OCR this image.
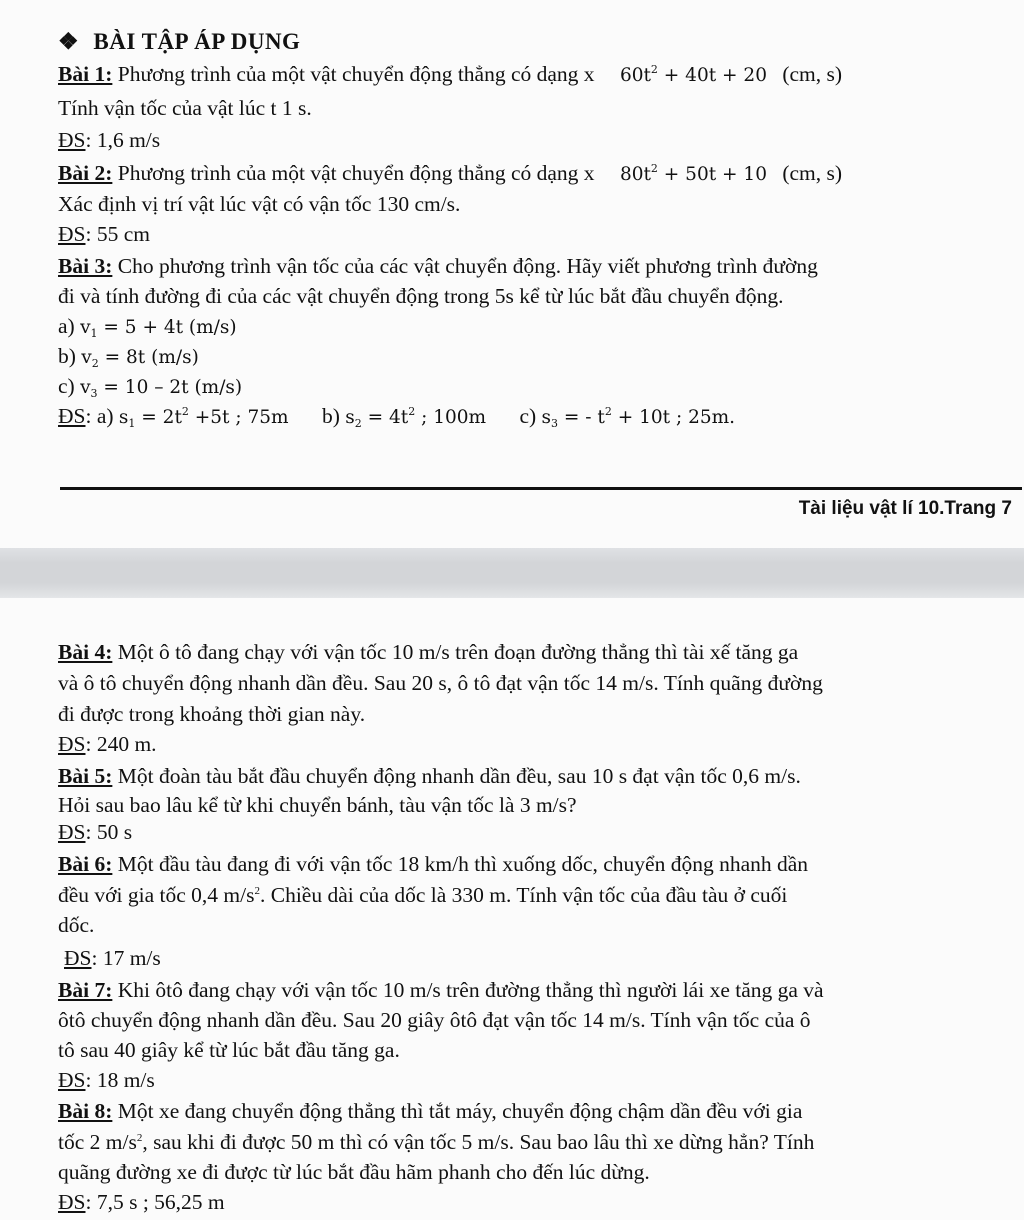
❖ BÀI TẬP ÁP DỤNG
Bài 1: Phương trình của một vật chuyển động thẳng có dạng x $60t^2 + 40t + 20$ (cm, s)
Tính vận tốc của vật lúc t 1 s.
ĐS: 1,6 m/s
Bài 2: Phương trình của một vật chuyển động thẳng có dạng x $80t^2 + 50t + 10$ (cm, s)
Xác định vị trí vật lúc vật có vận tốc 130 cm/s.
ĐS: 55 cm
Bài 3: Cho phương trình vận tốc của các vật chuyển động. Hãy viết phương trình đường
đi và tính đường đi của các vật chuyển động trong 5s kể từ lúc bắt đầu chuyển động.
a) $v_1 = 5 + 4t$ (m/s)
b) $v_2 = 8t$ (m/s)
c) $v_3 = 10 - 2t$ (m/s)
ĐS: a) $s_1 = 2t^2 +5t$ ; 75m b) $s_2 = 4t^2$ ; 100m c) $s_3$ = - $t^2 + 10t$ ; 25m.
Tài liệu vật lí 10.Trang 7
Bài 4: Một ô tô đang chạy với vận tốc 10 m/s trên đoạn đường thẳng thì tài xế tăng ga
và ô tô chuyển động nhanh dần đều. Sau 20 s, ô tô đạt vận tốc 14 m/s. Tính quãng đường
đi được trong khoảng thời gian này.
ĐS: 240 m.
Bài 5: Một đoàn tàu bắt đầu chuyển động nhanh dần đều, sau 10 s đạt vận tốc 0,6 m/s.
Hỏi sau bao lâu kể từ khi chuyển bánh, tàu vận tốc là 3 m/s?
ĐS: 50 s
Bài 6: Một đầu tàu đang đi với vận tốc 18 km/h thì xuống dốc, chuyển động nhanh dần
đều với gia tốc 0,4 $m/s^2$. Chiều dài của dốc là 330 m. Tính vận tốc của đầu tàu ở cuối
dốc.
ĐS: 17 m/s
Bài 7: Khi ôtô đang chạy với vận tốc 10 m/s trên đường thẳng thì người lái xe tăng ga và
ôtô chuyển động nhanh dần đều. Sau 20 giây ôtô đạt vận tốc 14 m/s. Tính vận tốc của ô
tô sau 40 giây kể từ lúc bắt đầu tăng ga.
ĐS: 18 m/s
Bài 8: Một xe đang chuyển động thẳng thì tắt máy, chuyển động chậm dần đều với gia
tốc 2 $m/s^2$, sau khi đi được 50 m thì có vận tốc 5 m/s. Sau bao lâu thì xe dừng hẳn? Tính
quãng đường xe đi được từ lúc bắt đầu hãm phanh cho đến lúc dừng.
ĐS: 7,5 s ; 56,25 m
